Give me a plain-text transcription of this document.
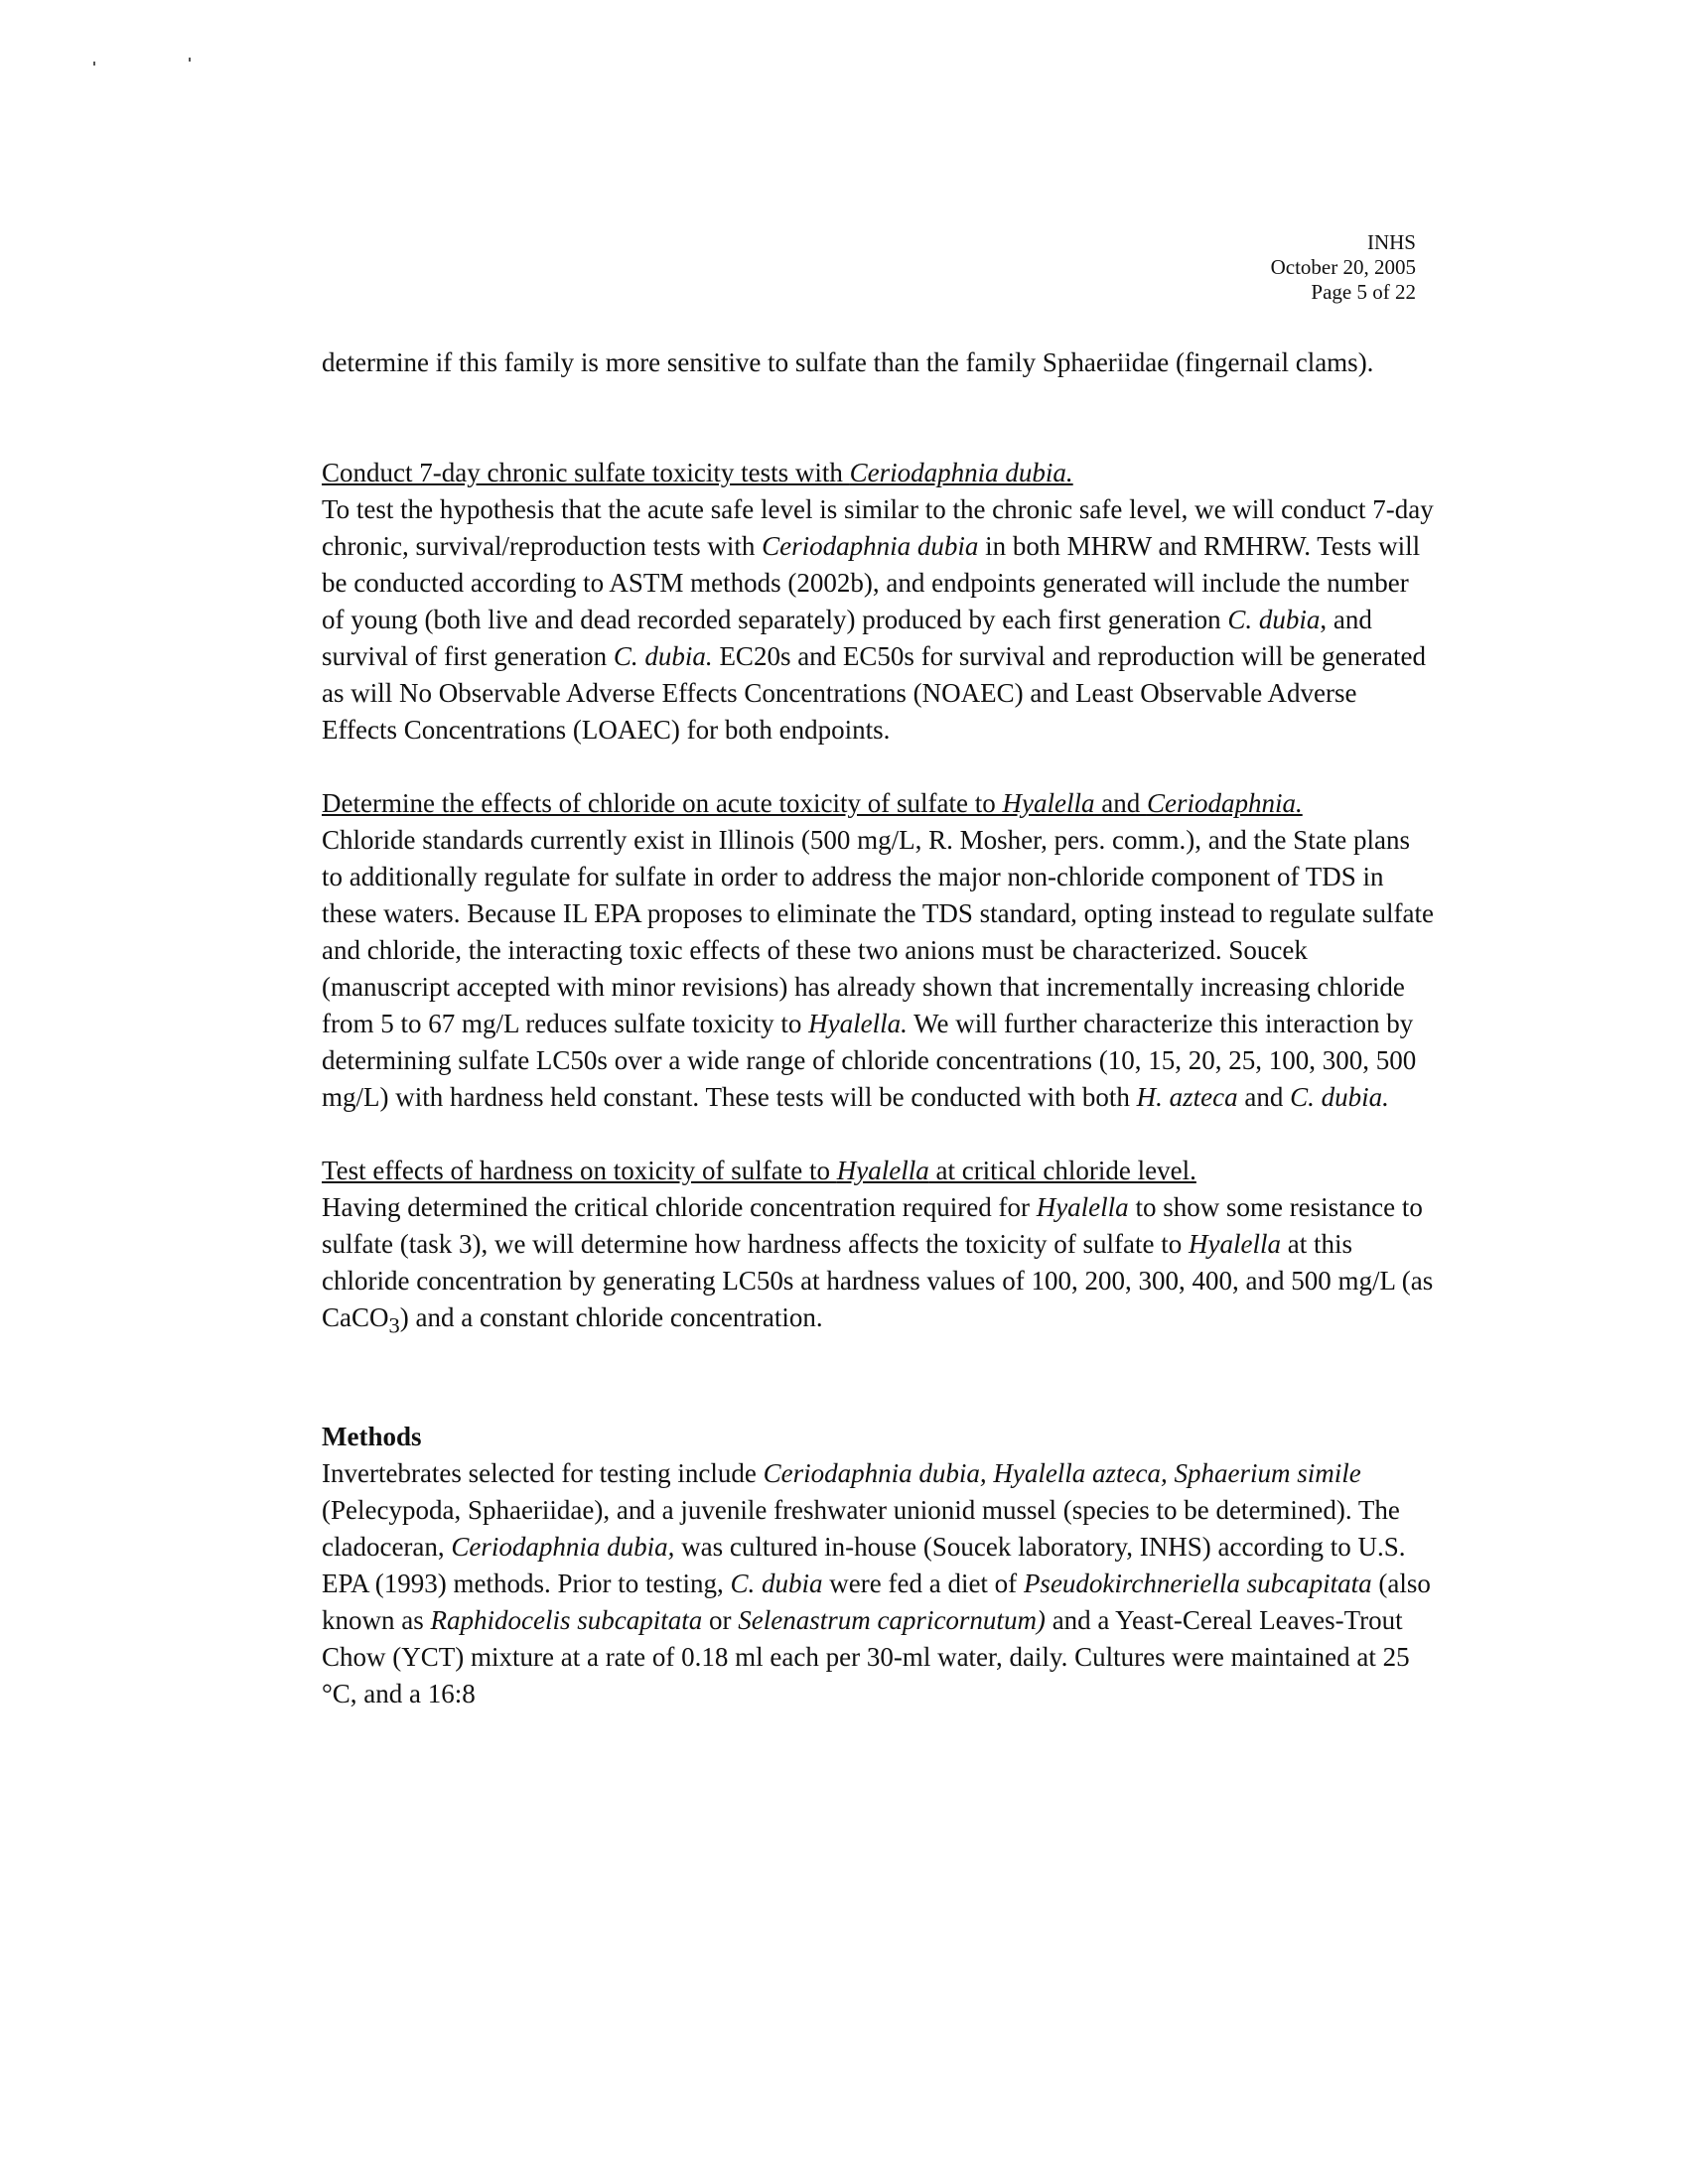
INHS
October 20, 2005
Page 5 of 22

determine if this family is more sensitive to sulfate than the family Sphaeriidae (fingernail clams).

Conduct 7-day chronic sulfate toxicity tests with Ceriodaphnia dubia.

To test the hypothesis that the acute safe level is similar to the chronic safe level, we will conduct 7-day chronic, survival/reproduction tests with Ceriodaphnia dubia in both MHRW and RMHRW. Tests will be conducted according to ASTM methods (2002b), and endpoints generated will include the number of young (both live and dead recorded separately) produced by each first generation C. dubia, and survival of first generation C. dubia. EC20s and EC50s for survival and reproduction will be generated as will No Observable Adverse Effects Concentrations (NOAEC) and Least Observable Adverse Effects Concentrations (LOAEC) for both endpoints.

Determine the effects of chloride on acute toxicity of sulfate to Hyalella and Ceriodaphnia.

Chloride standards currently exist in Illinois (500 mg/L, R. Mosher, pers. comm.), and the State plans to additionally regulate for sulfate in order to address the major non-chloride component of TDS in these waters. Because IL EPA proposes to eliminate the TDS standard, opting instead to regulate sulfate and chloride, the interacting toxic effects of these two anions must be characterized. Soucek (manuscript accepted with minor revisions) has already shown that incrementally increasing chloride from 5 to 67 mg/L reduces sulfate toxicity to Hyalella. We will further characterize this interaction by determining sulfate LC50s over a wide range of chloride concentrations (10, 15, 20, 25, 100, 300, 500 mg/L) with hardness held constant. These tests will be conducted with both H. azteca and C. dubia.

Test effects of hardness on toxicity of sulfate to Hyalella at critical chloride level.

Having determined the critical chloride concentration required for Hyalella to show some resistance to sulfate (task 3), we will determine how hardness affects the toxicity of sulfate to Hyalella at this chloride concentration by generating LC50s at hardness values of 100, 200, 300, 400, and 500 mg/L (as CaCO$_3$) and a constant chloride concentration.

Methods

Invertebrates selected for testing include Ceriodaphnia dubia, Hyalella azteca, Sphaerium simile (Pelecypoda, Sphaeriidae), and a juvenile freshwater unionid mussel (species to be determined). The cladoceran, Ceriodaphnia dubia, was cultured in-house (Soucek laboratory, INHS) according to U.S. EPA (1993) methods. Prior to testing, C. dubia were fed a diet of Pseudokirchneriella subcapitata (also known as Raphidocelis subcapitata or Selenastrum capricornutum) and a Yeast-Cereal Leaves-Trout Chow (YCT) mixture at a rate of 0.18 ml each per 30-ml water, daily. Cultures were maintained at 25 °C, and a 16:8
